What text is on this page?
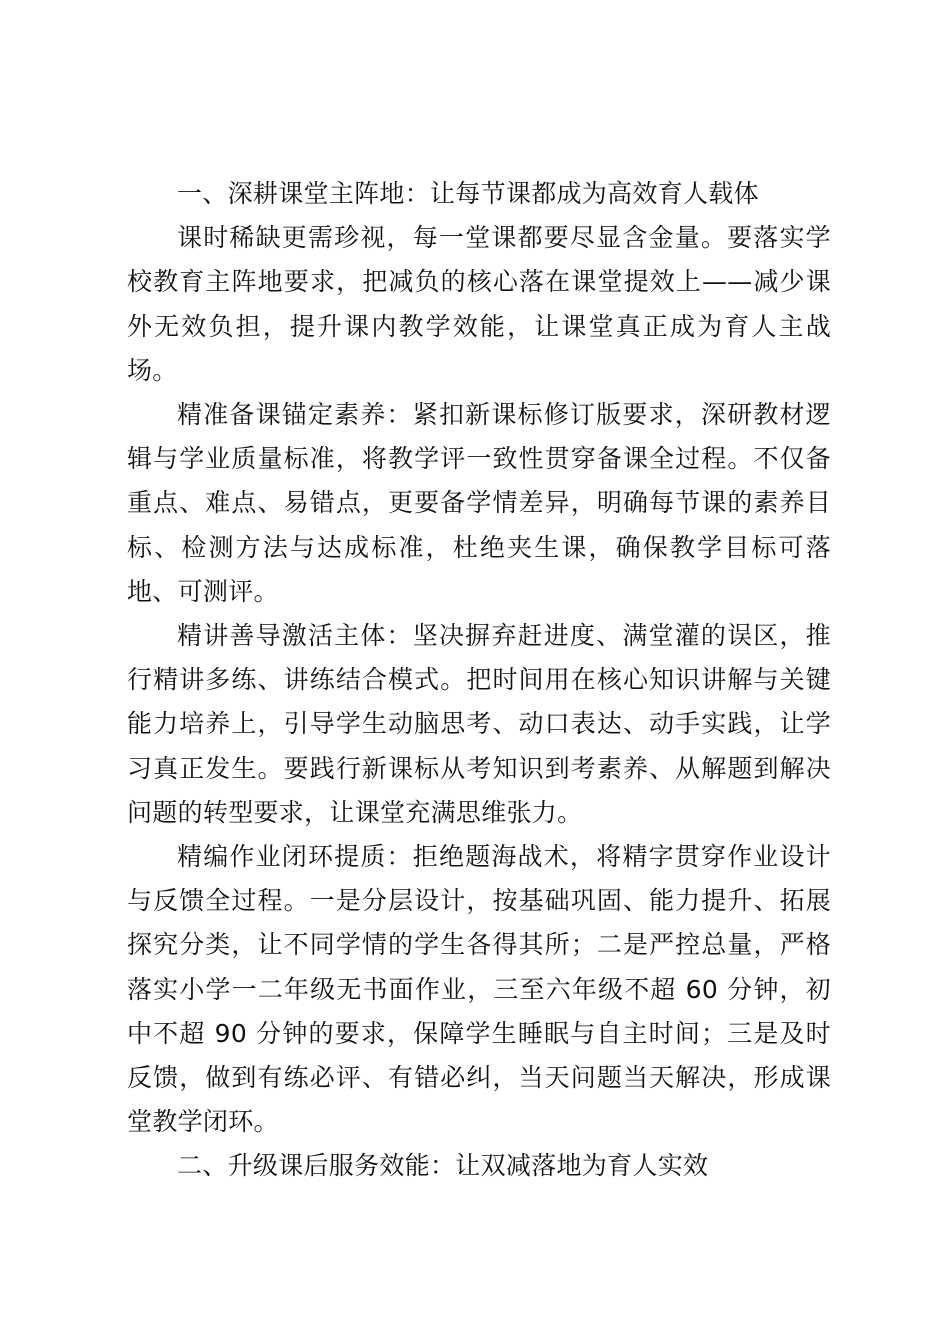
一、深耕课堂主阵地：让每节课都成为高效育人载体

课时稀缺更需珍视，每一堂课都要尽显含金量。要落实学校教育主阵地要求，把减负的核心落在课堂提效上——减少课外无效负担，提升课内教学效能，让课堂真正成为育人主战场。

精准备课锚定素养：紧扣新课标修订版要求，深研教材逻辑与学业质量标准，将教学评一致性贯穿备课全过程。不仅备重点、难点、易错点，更要备学情差异，明确每节课的素养目标、检测方法与达成标准，杜绝夹生课，确保教学目标可落地、可测评。

精讲善导激活主体：坚决摒弃赶进度、满堂灌的误区，推行精讲多练、讲练结合模式。把时间用在核心知识讲解与关键能力培养上，引导学生动脑思考、动口表达、动手实践，让学习真正发生。要践行新课标从考知识到考素养、从解题到解决问题的转型要求，让课堂充满思维张力。

精编作业闭环提质：拒绝题海战术，将精字贯穿作业设计与反馈全过程。一是分层设计，按基础巩固、能力提升、拓展探究分类，让不同学情的学生各得其所；二是严控总量，严格落实小学一二年级无书面作业，三至六年级不超 60 分钟，初中不超 90 分钟的要求，保障学生睡眠与自主时间；三是及时反馈，做到有练必评、有错必纠，当天问题当天解决，形成课堂教学闭环。

二、升级课后服务效能：让双减落地为育人实效
